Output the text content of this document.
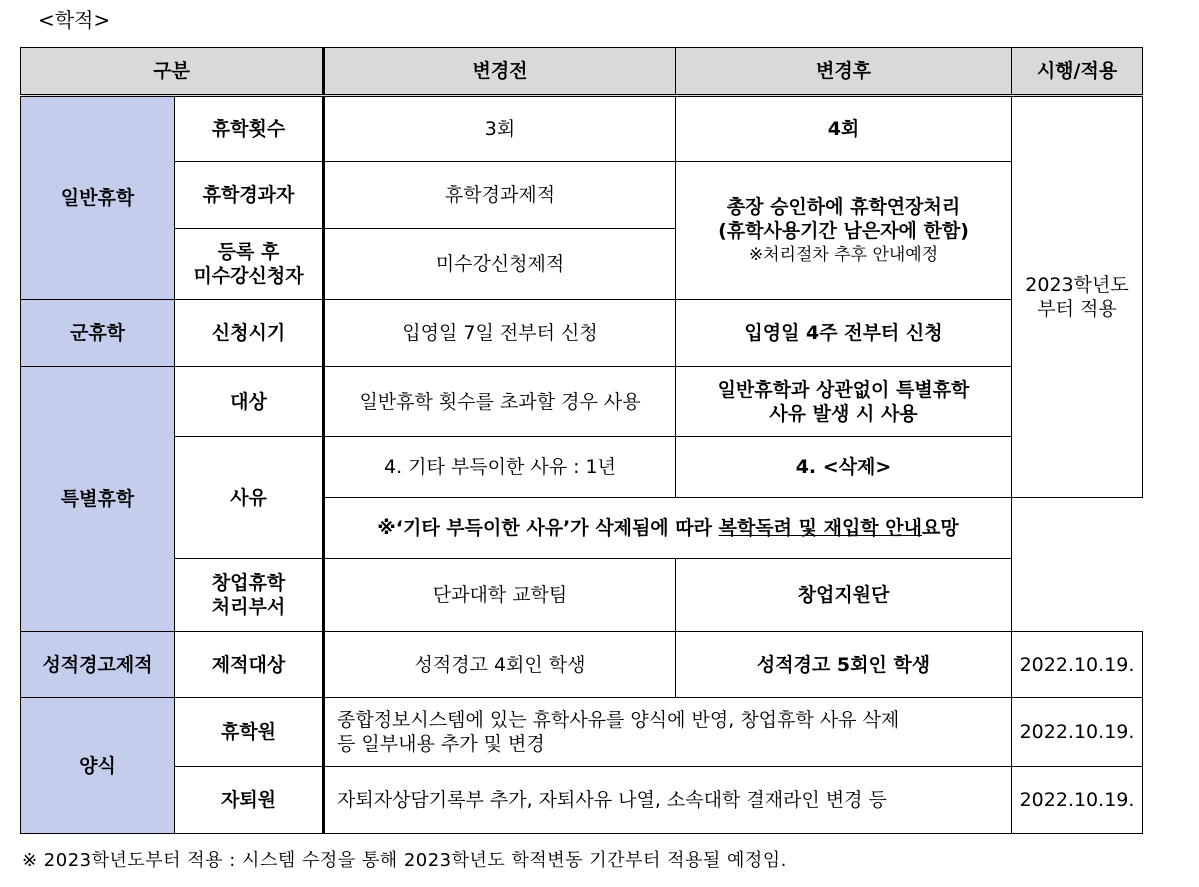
<학적>
구분		변경전	변경후	시행/적용
일반휴학	휴학횟수	3회	4회	2023학년도
부터 적용
	휴학경과자	휴학경과제적	총장 승인하에 휴학연장처리
(휴학사용기간 남은자에 한함)
※처리절차 추후 안내예정	

	등록 후
미수강신청자	미수강신청제적		
군휴학	신청시기	입영일 7일 전부터 신청	입영일 4주 전부터 신청	
특별휴학	대상	일반휴학 횟수를 초과할 경우 사용	일반휴학과 상관없이 특별휴학
사유 발생 시 사용	
	사유	4. 기타 부득이한 사유 : 1년	4. <삭제>	
		※‘기타 부득이한 사유’가 삭제됨에 따라 복학독려 및 재입학 안내요망	
	창업휴학
처리부서	단과대학 교학팀	창업지원단	
성적경고제적	제적대상	성적경고 4회인 학생	성적경고 5회인 학생	2022.10.19.
양식	휴학원	종합정보시스템에 있는 휴학사유를 양식에 반영, 창업휴학 사유 삭제
등 일부내용 추가 및 변경		2022.10.19.
	자퇴원	자퇴자상담기록부 추가, 자퇴사유 나열, 소속대학 결재라인 변경 등		2022.10.19.
※ 2023학년도부터 적용 : 시스템 수정을 통해 2023학년도 학적변동 기간부터 적용될 예정임.
